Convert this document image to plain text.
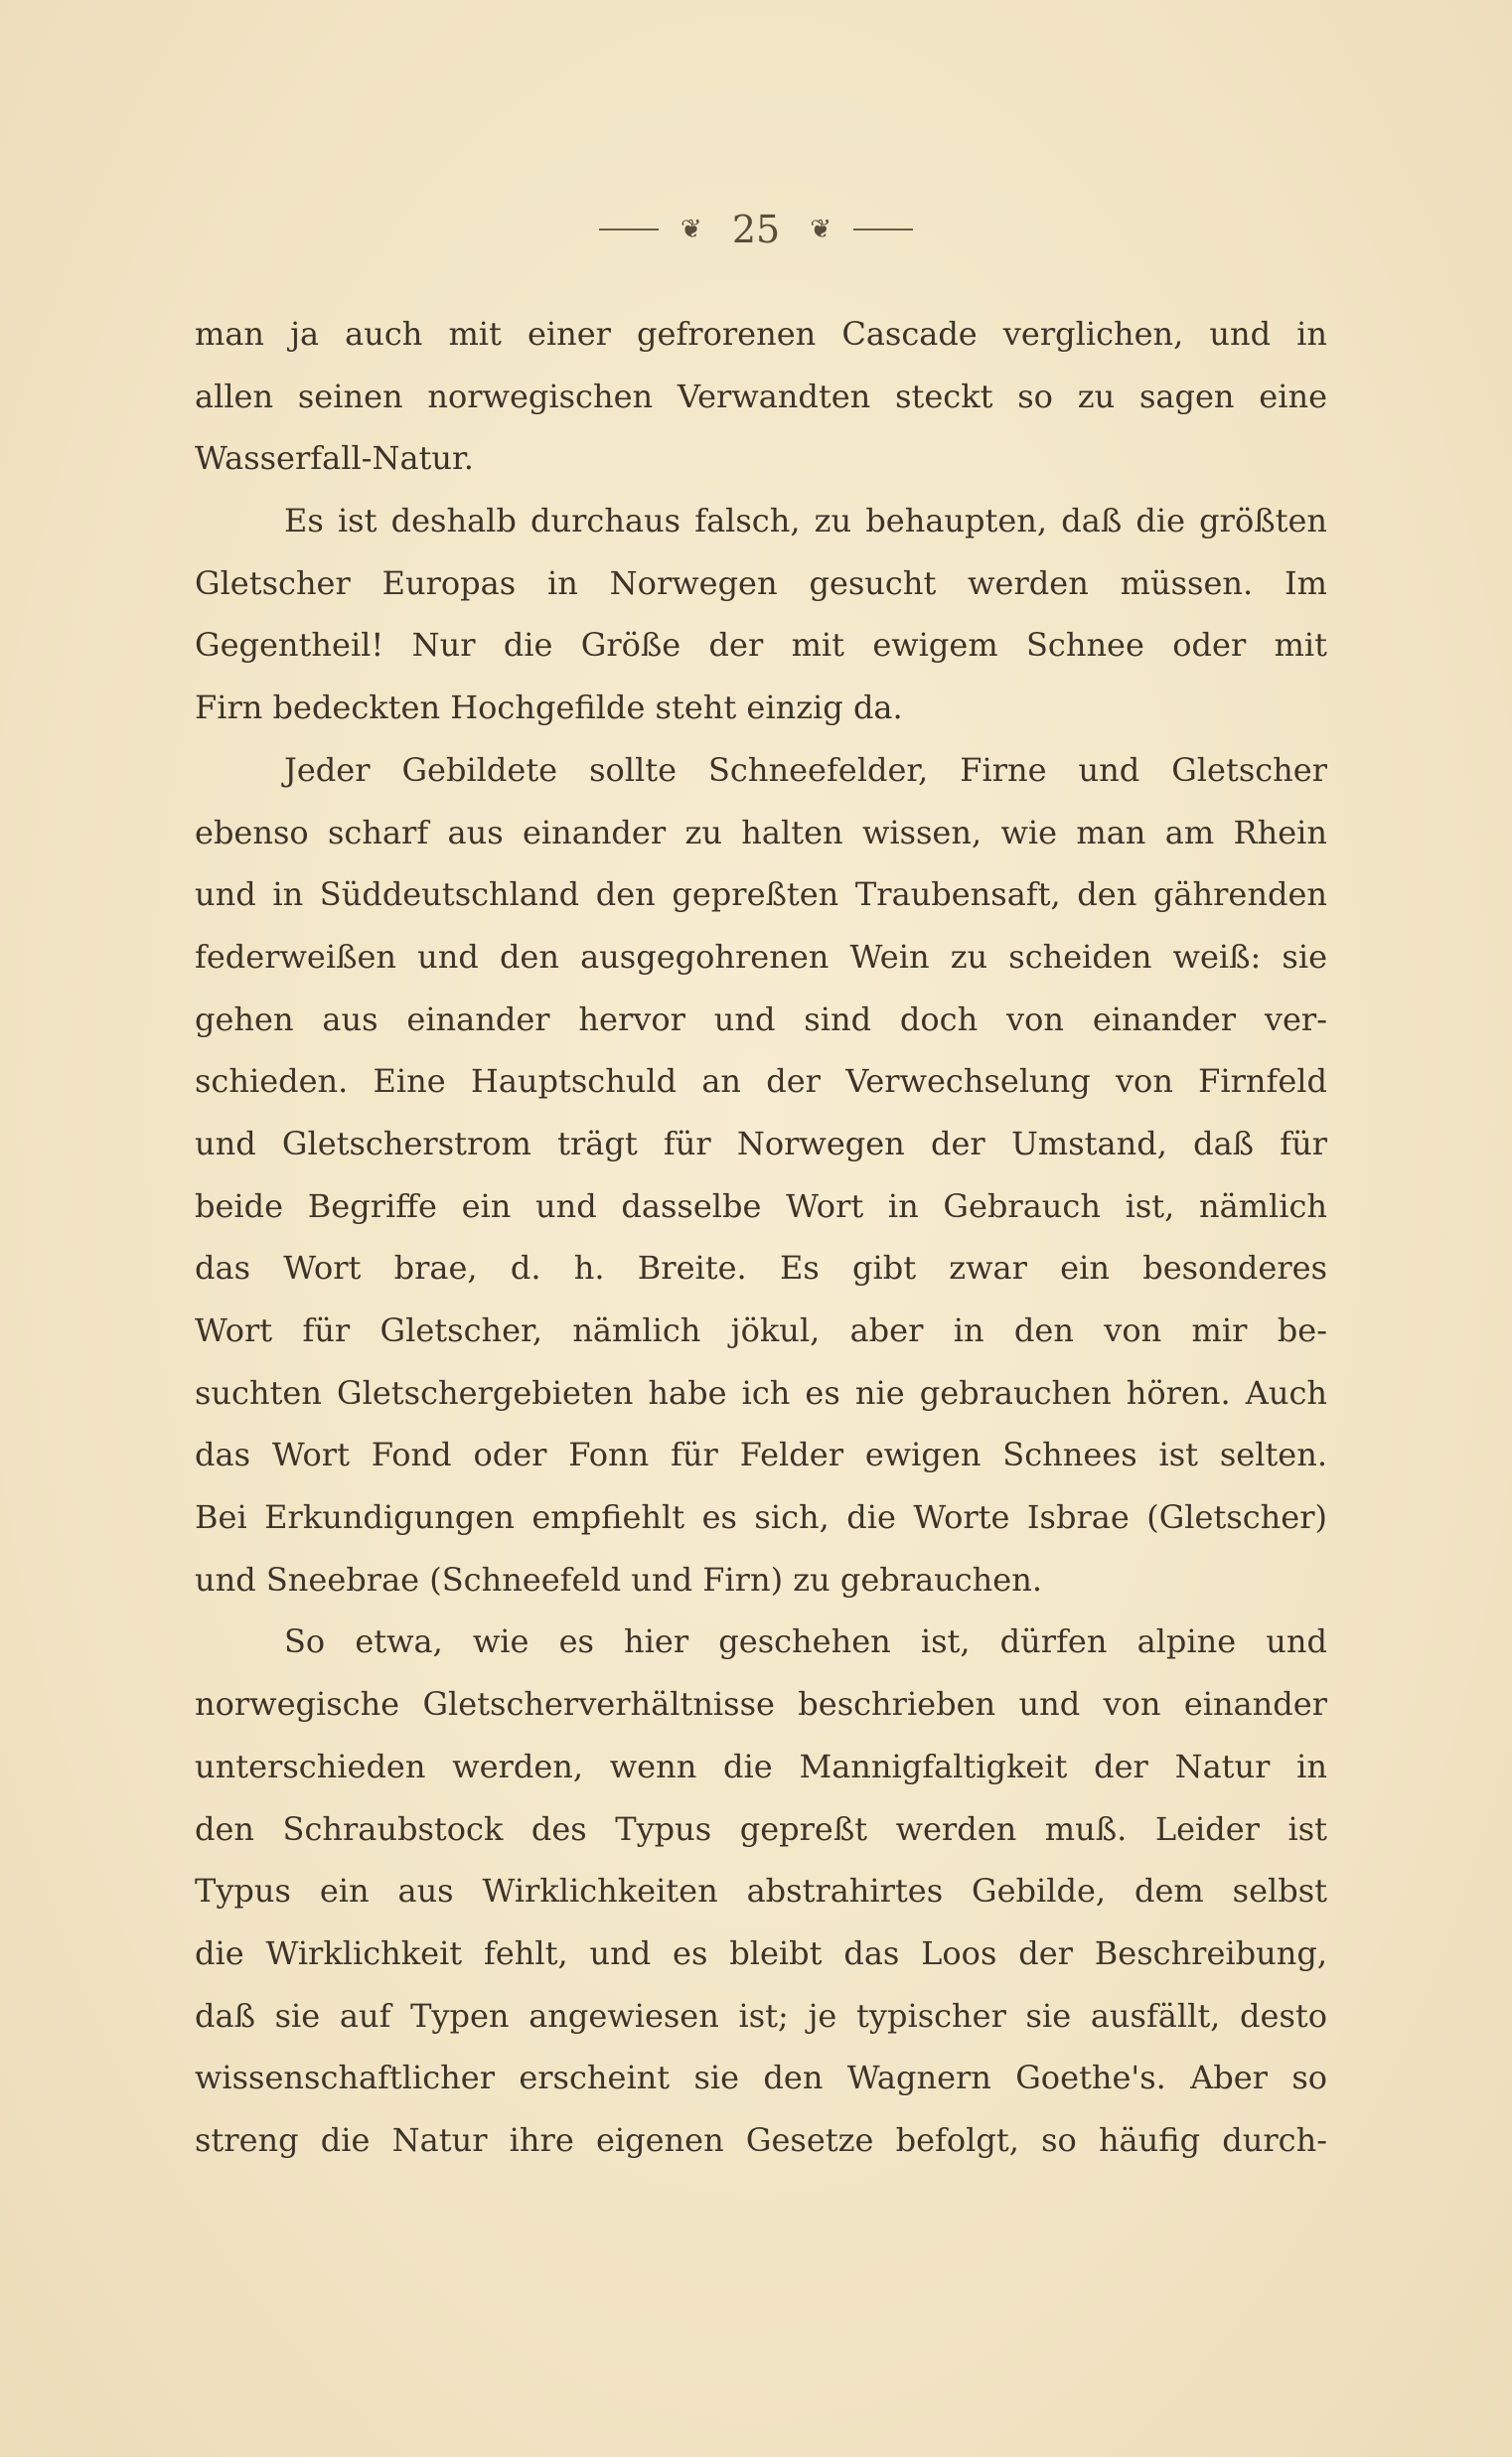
❦ 25 ❦
man ja auch mit einer gefrorenen Cascade verglichen, und in
allen seinen norwegischen Verwandten steckt so zu sagen eine
Wasserfall-Natur.
Es ist deshalb durchaus falsch, zu behaupten, daß die größten
Gletscher Europas in Norwegen gesucht werden müssen. Im
Gegentheil! Nur die Größe der mit ewigem Schnee oder mit
Firn bedeckten Hochgefilde steht einzig da.
Jeder Gebildete sollte Schneefelder, Firne und Gletscher
ebenso scharf aus einander zu halten wissen, wie man am Rhein
und in Süddeutschland den gepreßten Traubensaft, den gährenden
federweißen und den ausgegohrenen Wein zu scheiden weiß: sie
gehen aus einander hervor und sind doch von einander ver-
schieden. Eine Hauptschuld an der Verwechselung von Firnfeld
und Gletscherstrom trägt für Norwegen der Umstand, daß für
beide Begriffe ein und dasselbe Wort in Gebrauch ist, nämlich
das Wort brae, d. h. Breite. Es gibt zwar ein besonderes
Wort für Gletscher, nämlich jökul, aber in den von mir be-
suchten Gletschergebieten habe ich es nie gebrauchen hören. Auch
das Wort Fond oder Fonn für Felder ewigen Schnees ist selten.
Bei Erkundigungen empfiehlt es sich, die Worte Isbrae (Gletscher)
und Sneebrae (Schneefeld und Firn) zu gebrauchen.
So etwa, wie es hier geschehen ist, dürfen alpine und
norwegische Gletscherverhältnisse beschrieben und von einander
unterschieden werden, wenn die Mannigfaltigkeit der Natur in
den Schraubstock des Typus gepreßt werden muß. Leider ist
Typus ein aus Wirklichkeiten abstrahirtes Gebilde, dem selbst
die Wirklichkeit fehlt, und es bleibt das Loos der Beschreibung,
daß sie auf Typen angewiesen ist; je typischer sie ausfällt, desto
wissenschaftlicher erscheint sie den Wagnern Goethe's. Aber so
streng die Natur ihre eigenen Gesetze befolgt, so häufig durch-
